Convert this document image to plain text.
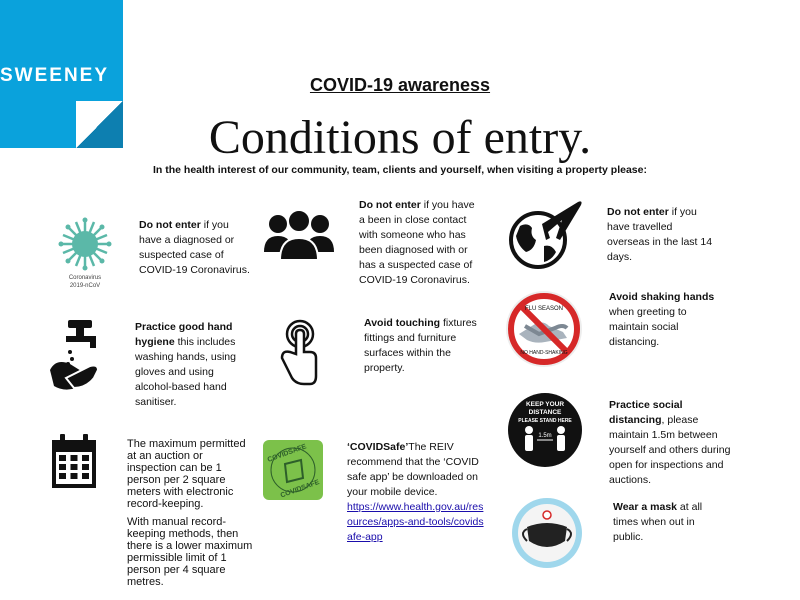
SWEENEY	COVID-19 awareness
Conditions of entry.
In the health interest of our community, team, clients and yourself, when visiting a property please:
Coronavirus
2019-nCoV
Do not enter if you have a diagnosed or suspected case of COVID-19 Coronavirus.
Do not enter if you have a been in close contact with someone who has been diagnosed with or has a suspected case of COVID-19 Coronavirus.
Do not enter if you have travelled overseas in the last 14 days.
Practice good hand hygiene this includes washing hands, using gloves and using alcohol-based hand sanitiser.
Avoid touching fixtures fittings and furniture surfaces within the property.
FLU SEASON
NO HAND-SHAKING
Avoid shaking hands when greeting to maintain social distancing.
The maximum permitted at an auction or inspection can be 1 person per 2 square meters with electronic record-keeping.
With manual record-keeping methods, then there is a lower maximum permissible limit of 1 person per 4 square metres.
COVIDSAFE
COVIDSAFE
‘COVIDSafe’The REIV recommend that the ‘COVID safe app’ be downloaded on your mobile device.
https://www.health.gov.au/resources/apps-and-tools/covidsafe-app
KEEP YOUR
DISTANCE
PLEASE STAND HERE
1.5m
Practice social distancing, please maintain 1.5m between yourself and others during open for inspections and auctions.
Wear a mask at all times when out in public.
